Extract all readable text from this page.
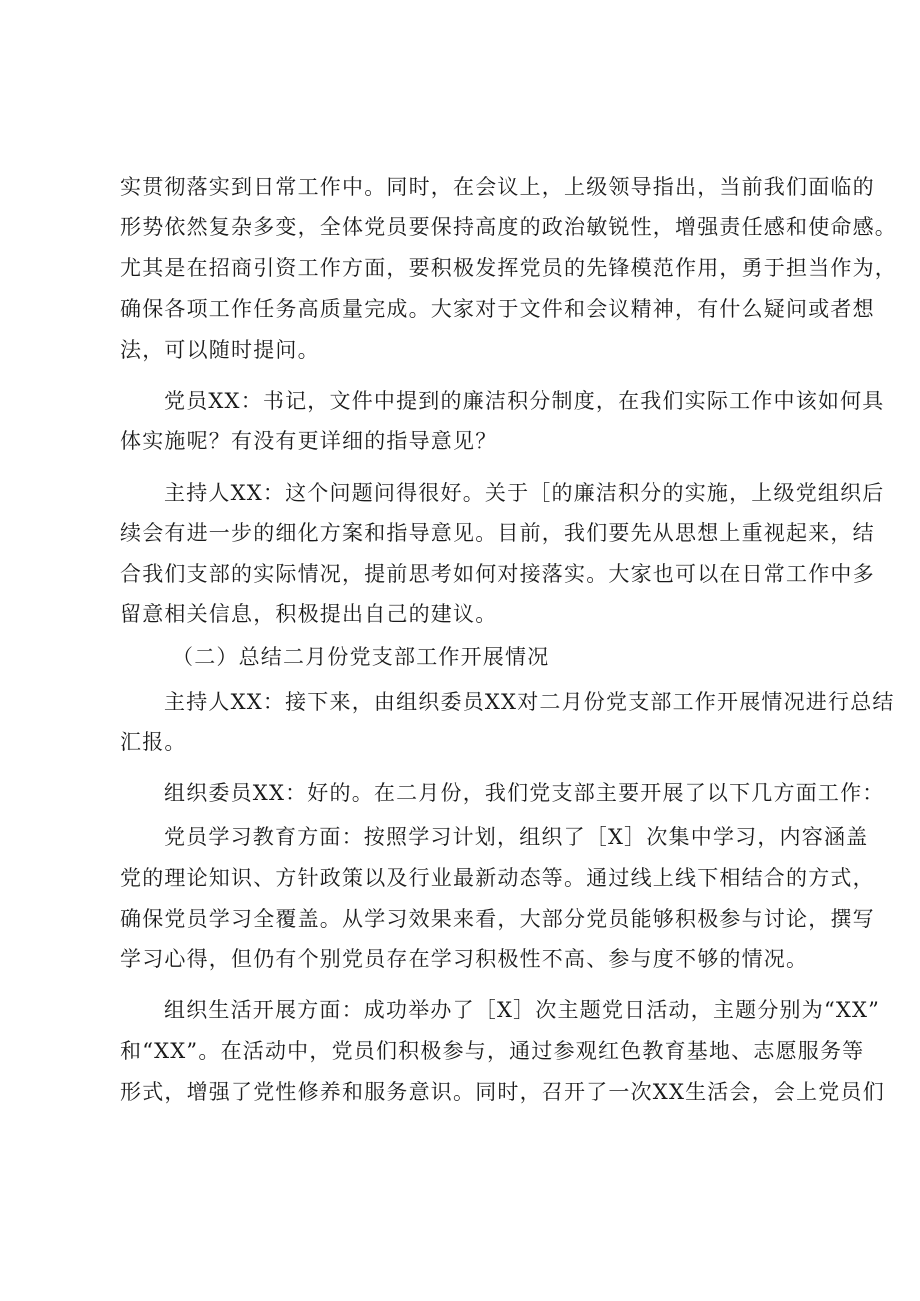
实贯彻落实到日常工作中。同时，在会议上，上级领导指出，当前我们面临的
形势依然复杂多变，全体党员要保持高度的政治敏锐性，增强责任感和使命感。
尤其是在招商引资工作方面，要积极发挥党员的先锋模范作用，勇于担当作为，
确保各项工作任务高质量完成。大家对于文件和会议精神，有什么疑问或者想
法，可以随时提问。
党员XX：书记，文件中提到的廉洁积分制度，在我们实际工作中该如何具
体实施呢？有没有更详细的指导意见？
主持人XX：这个问题问得很好。关于［的廉洁积分的实施，上级党组织后
续会有进一步的细化方案和指导意见。目前，我们要先从思想上重视起来，结
合我们支部的实际情况，提前思考如何对接落实。大家也可以在日常工作中多
留意相关信息，积极提出自己的建议。
（二）总结二月份党支部工作开展情况
主持人XX：接下来，由组织委员XX对二月份党支部工作开展情况进行总结
汇报。
组织委员XX：好的。在二月份，我们党支部主要开展了以下几方面工作：
党员学习教育方面：按照学习计划，组织了［X］次集中学习，内容涵盖
党的理论知识、方针政策以及行业最新动态等。通过线上线下相结合的方式，
确保党员学习全覆盖。从学习效果来看，大部分党员能够积极参与讨论，撰写
学习心得，但仍有个别党员存在学习积极性不高、参与度不够的情况。
组织生活开展方面：成功举办了［X］次主题党日活动，主题分别为“XX”
和“XX”。在活动中，党员们积极参与，通过参观红色教育基地、志愿服务等
形式，增强了党性修养和服务意识。同时，召开了一次XX生活会，会上党员们
